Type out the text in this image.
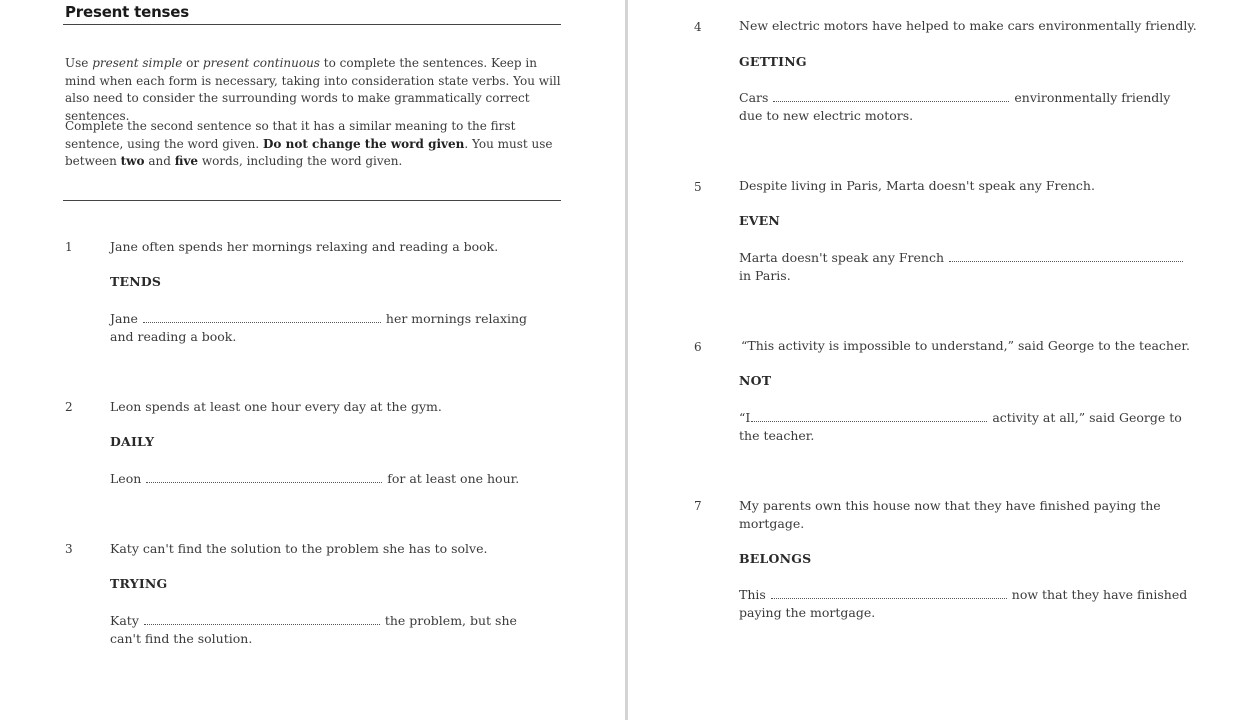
Present tenses
Use present simple or present continuous to complete the sentences. Keep in mind when each form is necessary, taking into consideration state verbs. You will also need to consider the surrounding words to make grammatically correct sentences.
Complete the second sentence so that it has a similar meaning to the first sentence, using the word given. Do not change the word given. You must use between two and five words, including the word given.
1	Jane often spends her mornings relaxing and reading a book.
TENDS
Jane	her mornings relaxing and reading a book.
2	Leon spends at least one hour every day at the gym.
DAILY
Leon	for at least one hour.
3	Katy can't find the solution to the problem she has to solve.
TRYING
Katy	the problem, but she can't find the solution.
4	New electric motors have helped to make cars environmentally friendly.
GETTING
Cars	environmentally friendly due to new electric motors.
5	Despite living in Paris, Marta doesn't speak any French.
EVEN
Marta doesn't speak any French  in Paris.
6	“This activity is impossible to understand,” said George to the teacher.
NOT
“I	activity at all,” said George to the teacher.
7	My parents own this house now that they have finished paying the mortgage.
BELONGS
This	now that they have finished paying the mortgage.
